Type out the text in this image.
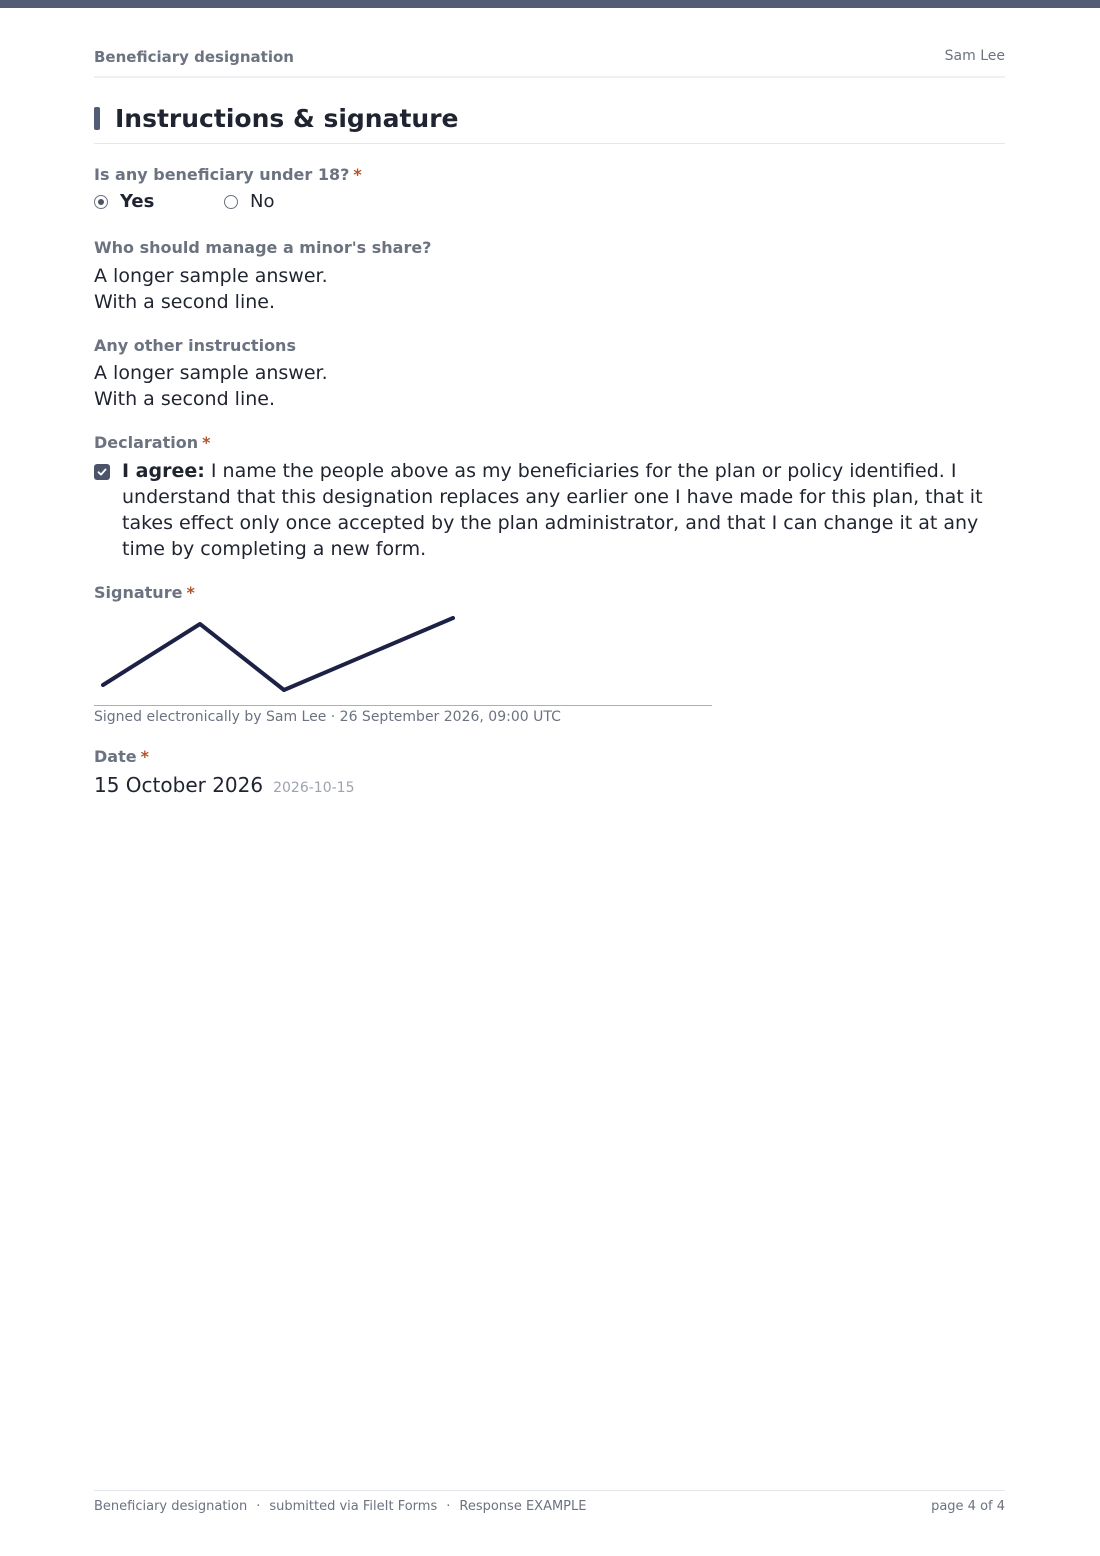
Beneficiary designation	Sam Lee
Instructions & signature
Is any beneficiary under 18? *
Yes	No
Who should manage a minor's share?
A longer sample answer.
With a second line.
Any other instructions
A longer sample answer.
With a second line.
Declaration *
I agree: I name the people above as my beneficiaries for the plan or policy identified. I understand that this designation replaces any earlier one I have made for this plan, that it takes effect only once accepted by the plan administrator, and that I can change it at any time by completing a new form.
Signature *
Signed electronically by Sam Lee · 26 September 2026, 09:00 UTC
Date *
15 October 2026 2026-10-15
Beneficiary designation · submitted via FileIt Forms · Response EXAMPLE	page 4 of 4
